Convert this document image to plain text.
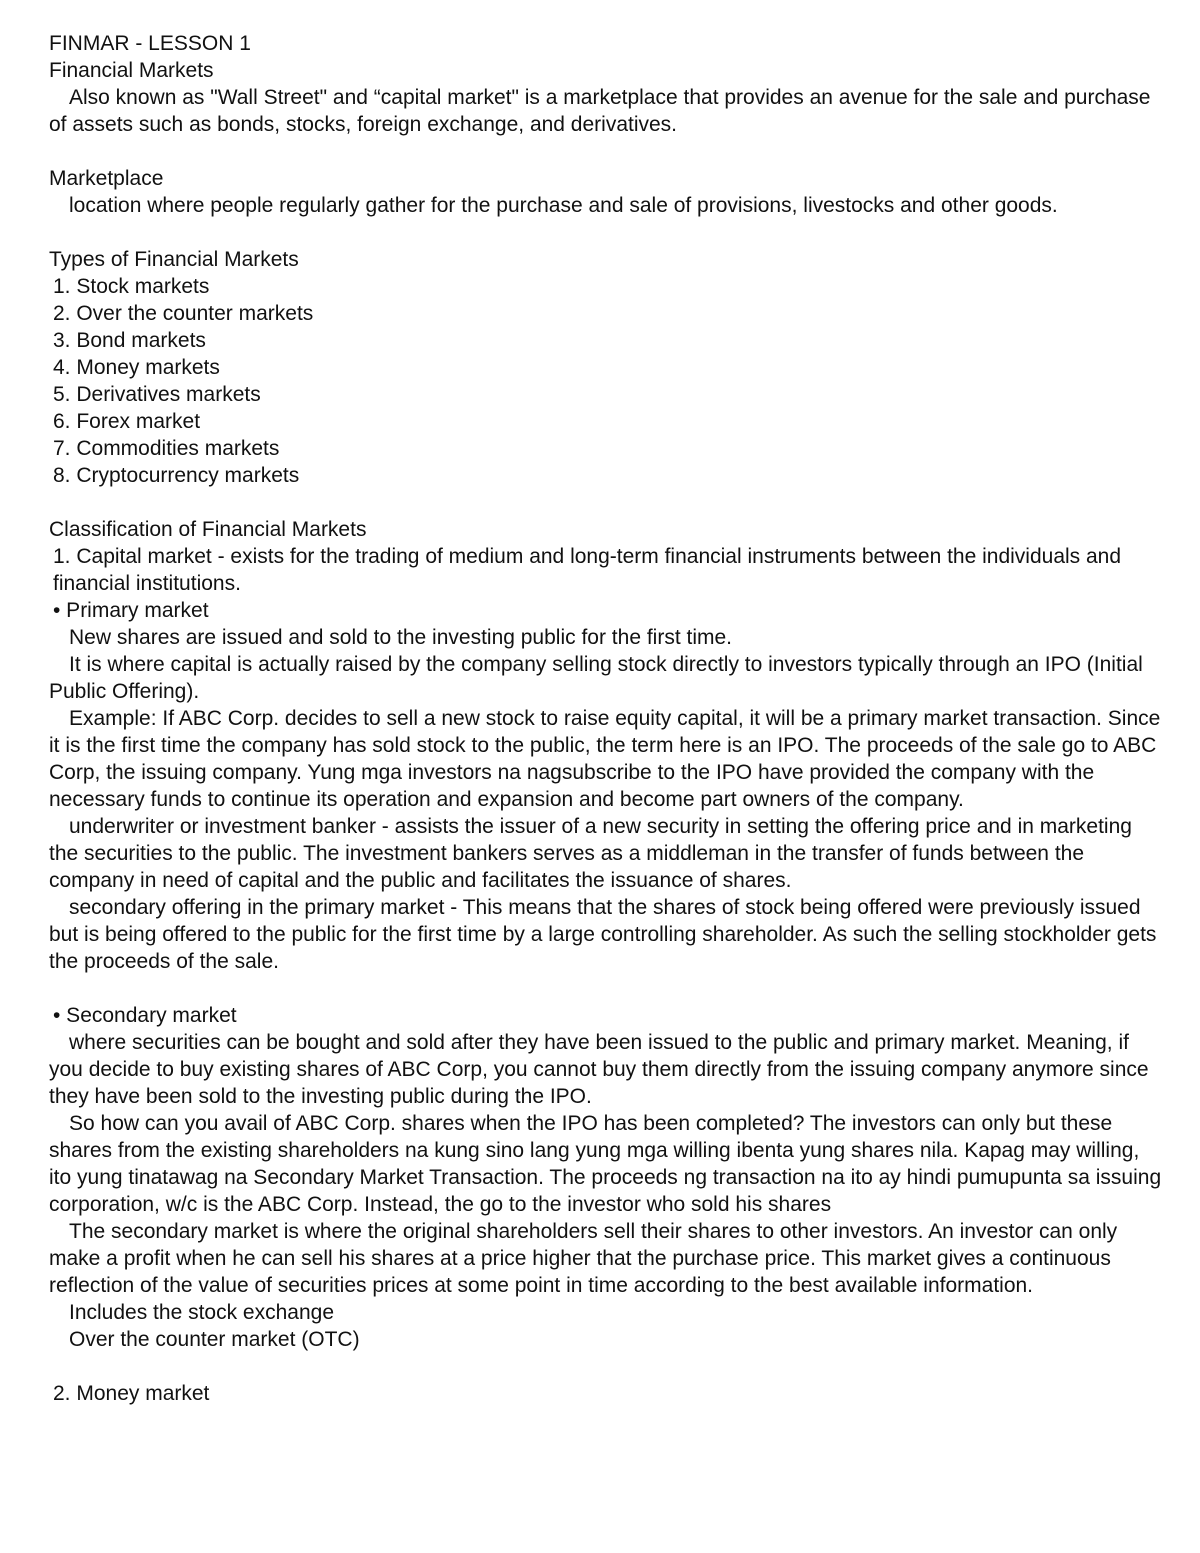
FINMAR - LESSON 1

Financial Markets

Also known as "Wall Street" and “capital market" is a marketplace that provides an avenue for the sale and purchase of assets such as bonds, stocks, foreign exchange, and derivatives.

Marketplace

location where people regularly gather for the purchase and sale of provisions, livestocks and other goods.

Types of Financial Markets

1. Stock markets

2. Over the counter markets

3. Bond markets

4. Money markets

5. Derivatives markets

6. Forex market

7. Commodities markets

8. Cryptocurrency markets

Classification of Financial Markets

1. Capital market - exists for the trading of medium and long-term financial instruments between the individuals and financial institutions.

• Primary market

New shares are issued and sold to the investing public for the first time.

It is where capital is actually raised by the company selling stock directly to investors typically through an IPO (Initial Public Offering).

Example: If ABC Corp. decides to sell a new stock to raise equity capital, it will be a primary market transaction. Since it is the first time the company has sold stock to the public, the term here is an IPO. The proceeds of the sale go to ABC Corp, the issuing company. Yung mga investors na nagsubscribe to the IPO have provided the company with the necessary funds to continue its operation and expansion and become part owners of the company.

underwriter or investment banker - assists the issuer of a new security in setting the offering price and in marketing the securities to the public. The investment bankers serves as a middleman in the transfer of funds between the company in need of capital and the public and facilitates the issuance of shares.

secondary offering in the primary market - This means that the shares of stock being offered were previously issued but is being offered to the public for the first time by a large controlling shareholder. As such the selling stockholder gets the proceeds of the sale.

• Secondary market

where securities can be bought and sold after they have been issued to the public and primary market. Meaning, if you decide to buy existing shares of ABC Corp, you cannot buy them directly from the issuing company anymore since they have been sold to the investing public during the IPO.

So how can you avail of ABC Corp. shares when the IPO has been completed? The investors can only but these shares from the existing shareholders na kung sino lang yung mga willing ibenta yung shares nila. Kapag may willing, ito yung tinatawag na Secondary Market Transaction. The proceeds ng transaction na ito ay hindi pumupunta sa issuing corporation, w/c is the ABC Corp. Instead, the go to the investor who sold his shares

The secondary market is where the original shareholders sell their shares to other investors. An investor can only make a profit when he can sell his shares at a price higher that the purchase price. This market gives a continuous reflection of the value of securities prices at some point in time according to the best available information.

Includes the stock exchange

Over the counter market (OTC)

2. Money market
